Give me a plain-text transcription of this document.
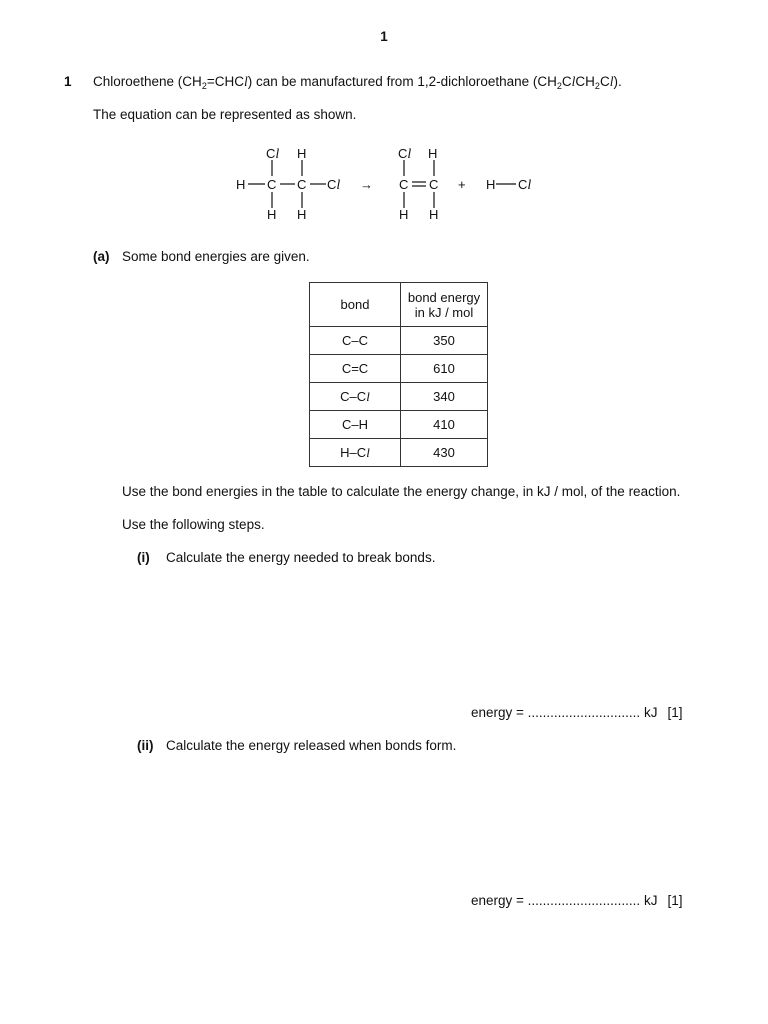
1
1 Chloroethene $(CH_2=CHCl)$ can be manufactured from 1,2-dichloroethane $(CH_2ClCH_2Cl)$.
The equation can be represented as shown.
Cl H
H C C Cl
H H
→
Cl H
C C
H H
+ H Cl
(a) Some bond energies are given.
bond	bond energy
in kJ / mol
C–C	350
C=C	610
C–Cl	340
C–H	410
H–Cl	430
Use the bond energies in the table to calculate the energy change, in kJ / mol, of the reaction.
Use the following steps.
(i) Calculate the energy needed to break bonds.
energy = .............................. kJ [1]
(ii) Calculate the energy released when bonds form.
energy = .............................. kJ [1]
